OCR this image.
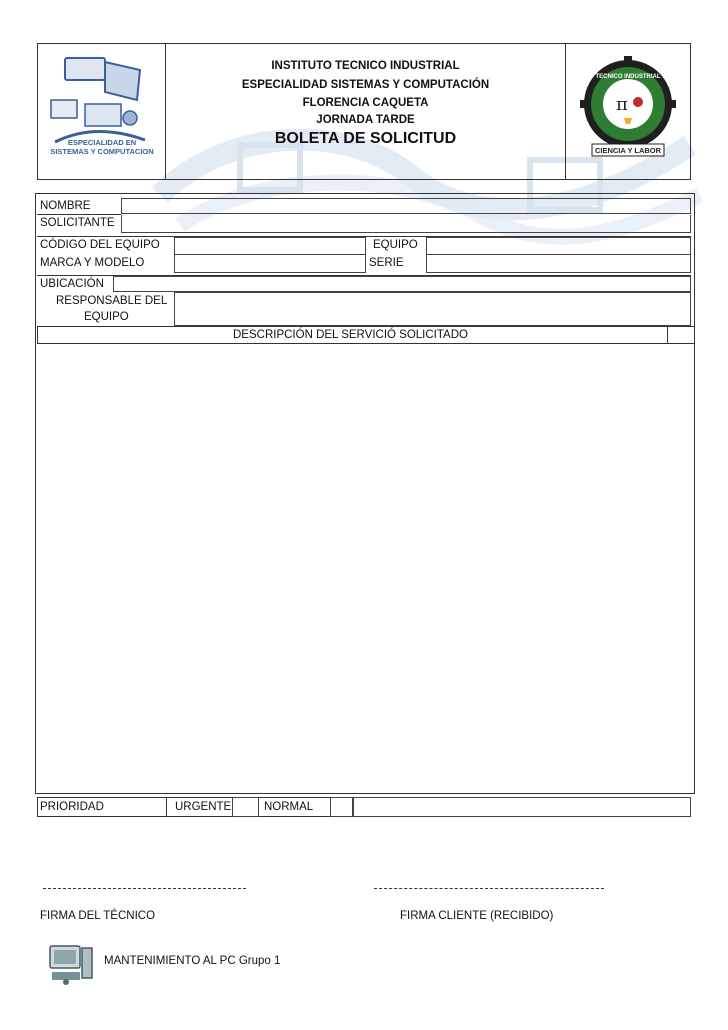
ESPECIALIDAD EN SISTEMAS Y COMPUTACION
INSTITUTO TECNICO INDUSTRIAL
ESPECIALIDAD SISTEMAS Y COMPUTACIÓN
FLORENCIA CAQUETA
JORNADA TARDE
BOLETA DE SOLICITUD
π
TECNICO INDUSTRIAL
CIENCIA Y LABOR
NOMBRE
SOLICITANTE
CÓDIGO DEL EQUIPO	EQUIPO
MARCA Y MODELO	SERIE
UBICACIÓN
RESPONSABLE DEL
EQUIPO
DESCRIPCIÓN DEL SERVICIÓ SOLICITADO
PRIORIDAD	URGENTE	NORMAL
FIRMA DEL TÉCNICO	FIRMA CLIENTE (RECIBIDO)
MANTENIMIENTO AL PC Grupo 1
